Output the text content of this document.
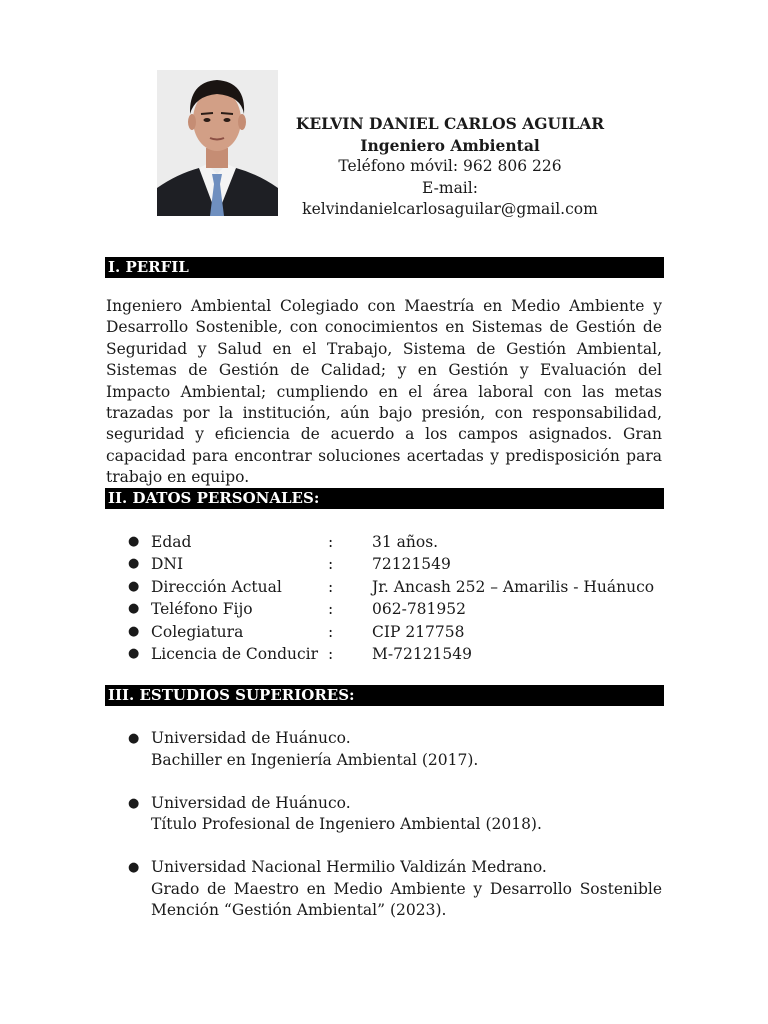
KELVIN DANIEL CARLOS AGUILAR
Ingeniero Ambiental
Teléfono móvil: 962 806 226
E-mail: kelvindanielcarlosaguilar@gmail.com
I. PERFIL

Ingeniero Ambiental Colegiado con Maestría en Medio Ambiente y Desarrollo Sostenible, con conocimientos en Sistemas de Gestión de Seguridad y Salud en el Trabajo, Sistema de Gestión Ambiental, Sistemas de Gestión de Calidad; y en Gestión y Evaluación del Impacto Ambiental; cumpliendo en el área laboral con las metas trazadas por la institución, aún bajo presión, con responsabilidad, seguridad y eficiencia de acuerdo a los campos asignados. Gran capacidad para encontrar soluciones acertadas y predisposición para trabajo en equipo.

II. DATOS PERSONALES:
● Edad	:	31 años.
● DNI	:	72121549
● Dirección Actual	:	Jr. Ancash 252 – Amarilis - Huánuco
● Teléfono Fijo	:	062-781952
● Colegiatura	:	CIP 217758
● Licencia de Conducir :	M-72121549
III. ESTUDIOS SUPERIORES:
● Universidad de Huánuco.
Bachiller en Ingeniería Ambiental (2017).
● Universidad de Huánuco.
Título Profesional de Ingeniero Ambiental (2018).
● Universidad Nacional Hermilio Valdizán Medrano.
Grado de Maestro en Medio Ambiente y Desarrollo Sostenible
Mención “Gestión Ambiental” (2023).
